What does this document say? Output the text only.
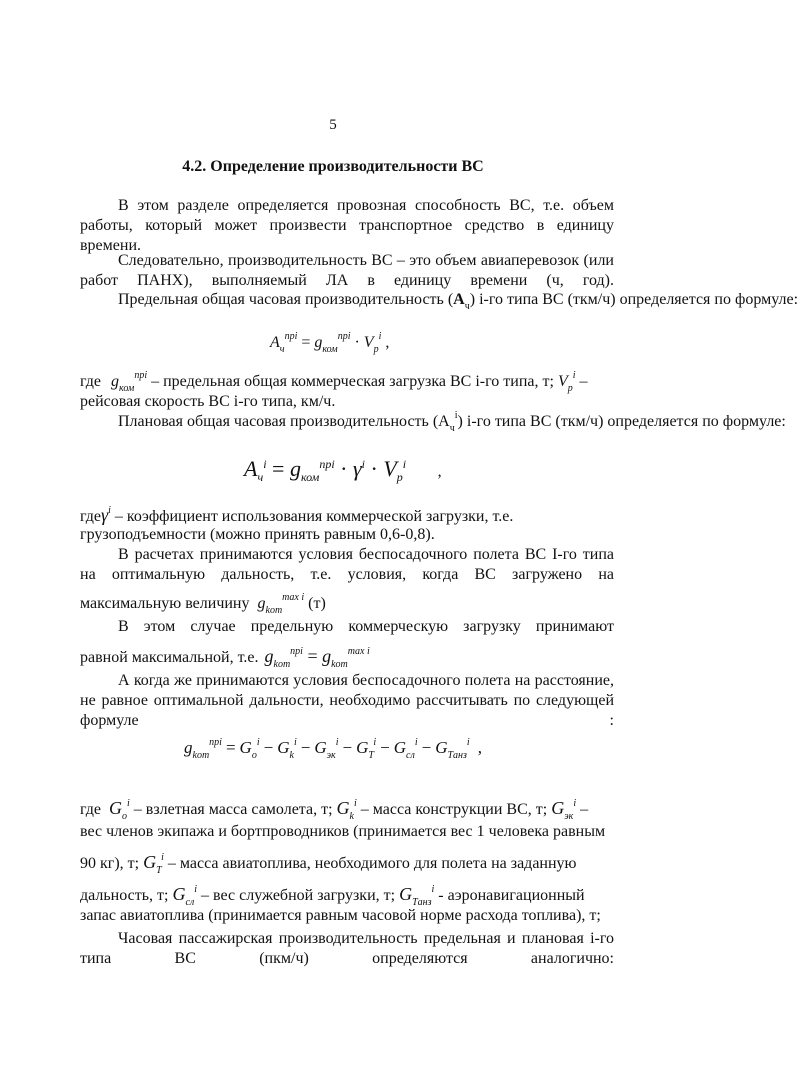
5
4.2. Определение производительности ВС
В этом разделе определяется провозная способность ВС, т.е. объем работы, который может произвести транспортное средство в единицу времени.
Следовательно, производительность ВС – это объем авиаперевозок (или работ ПАНХ), выполняемый ЛА в единицу времени (ч, год).
Предельная общая часовая производительность $(А_ч)$ i-го типа ВС (ткм/ч) определяется по формуле:
$A_ч^{пpi} = g_{ком}^{пpi} \cdot V_p^i$ ,
где $g_{ком}^{пpi}$ – предельная общая коммерческая загрузка ВС i-го типа, т; $V_p^i$ –
рейсовая скорость ВС i-го типа, км/ч.
Плановая общая часовая производительность $(А_ч^i)$ i-го типа ВС (ткм/ч) определяется по формуле:
$A_ч^i = g_{ком}^{пpi} \cdot \gamma^i \cdot V_p^i$ ,
гдеγ$^i$ – коэффициент использования коммерческой загрузки, т.е.
грузоподъемности (можно принять равным 0,6-0,8).
В расчетах принимаются условия беспосадочного полета ВС I-го типа на оптимальную дальность, т.е. условия, когда ВС загружено на
максимальную величину $g_{kom}^{max i}$ (т)
В этом случае предельную коммерческую загрузку принимают
равной максимальной, т.е. $g_{kom}^{пpi} = g_{kom}^{max i}$
А когда же принимаются условия беспосадочного полета на расстояние, не равное оптимальной дальности, необходимо рассчитывать по следующей формуле :
$g_{kom}^{пpi} = G_o^i - G_k^i - G_{эк}^i - G_T^i - G_{сл}^i - G_{Tанз}^i$ ,
где $G_o^i$ – взлетная масса самолета, т; $G_k^i$ – масса конструкции ВС, т; $G_{эк}^i$ –
вес членов экипажа и бортпроводников (принимается вес 1 человека равным
90 кг), т; $G_T^i$ – масса авиатоплива, необходимого для полета на заданную
дальность, т; $G_{сл}^i$ – вес служебной загрузки, т; $G_{Tанз}^i$ - аэронавигационный
запас авиатоплива (принимается равным часовой норме расхода топлива), т;
Часовая пассажирская производительность предельная и плановая i-го типа ВС (пкм/ч) определяются аналогично:
